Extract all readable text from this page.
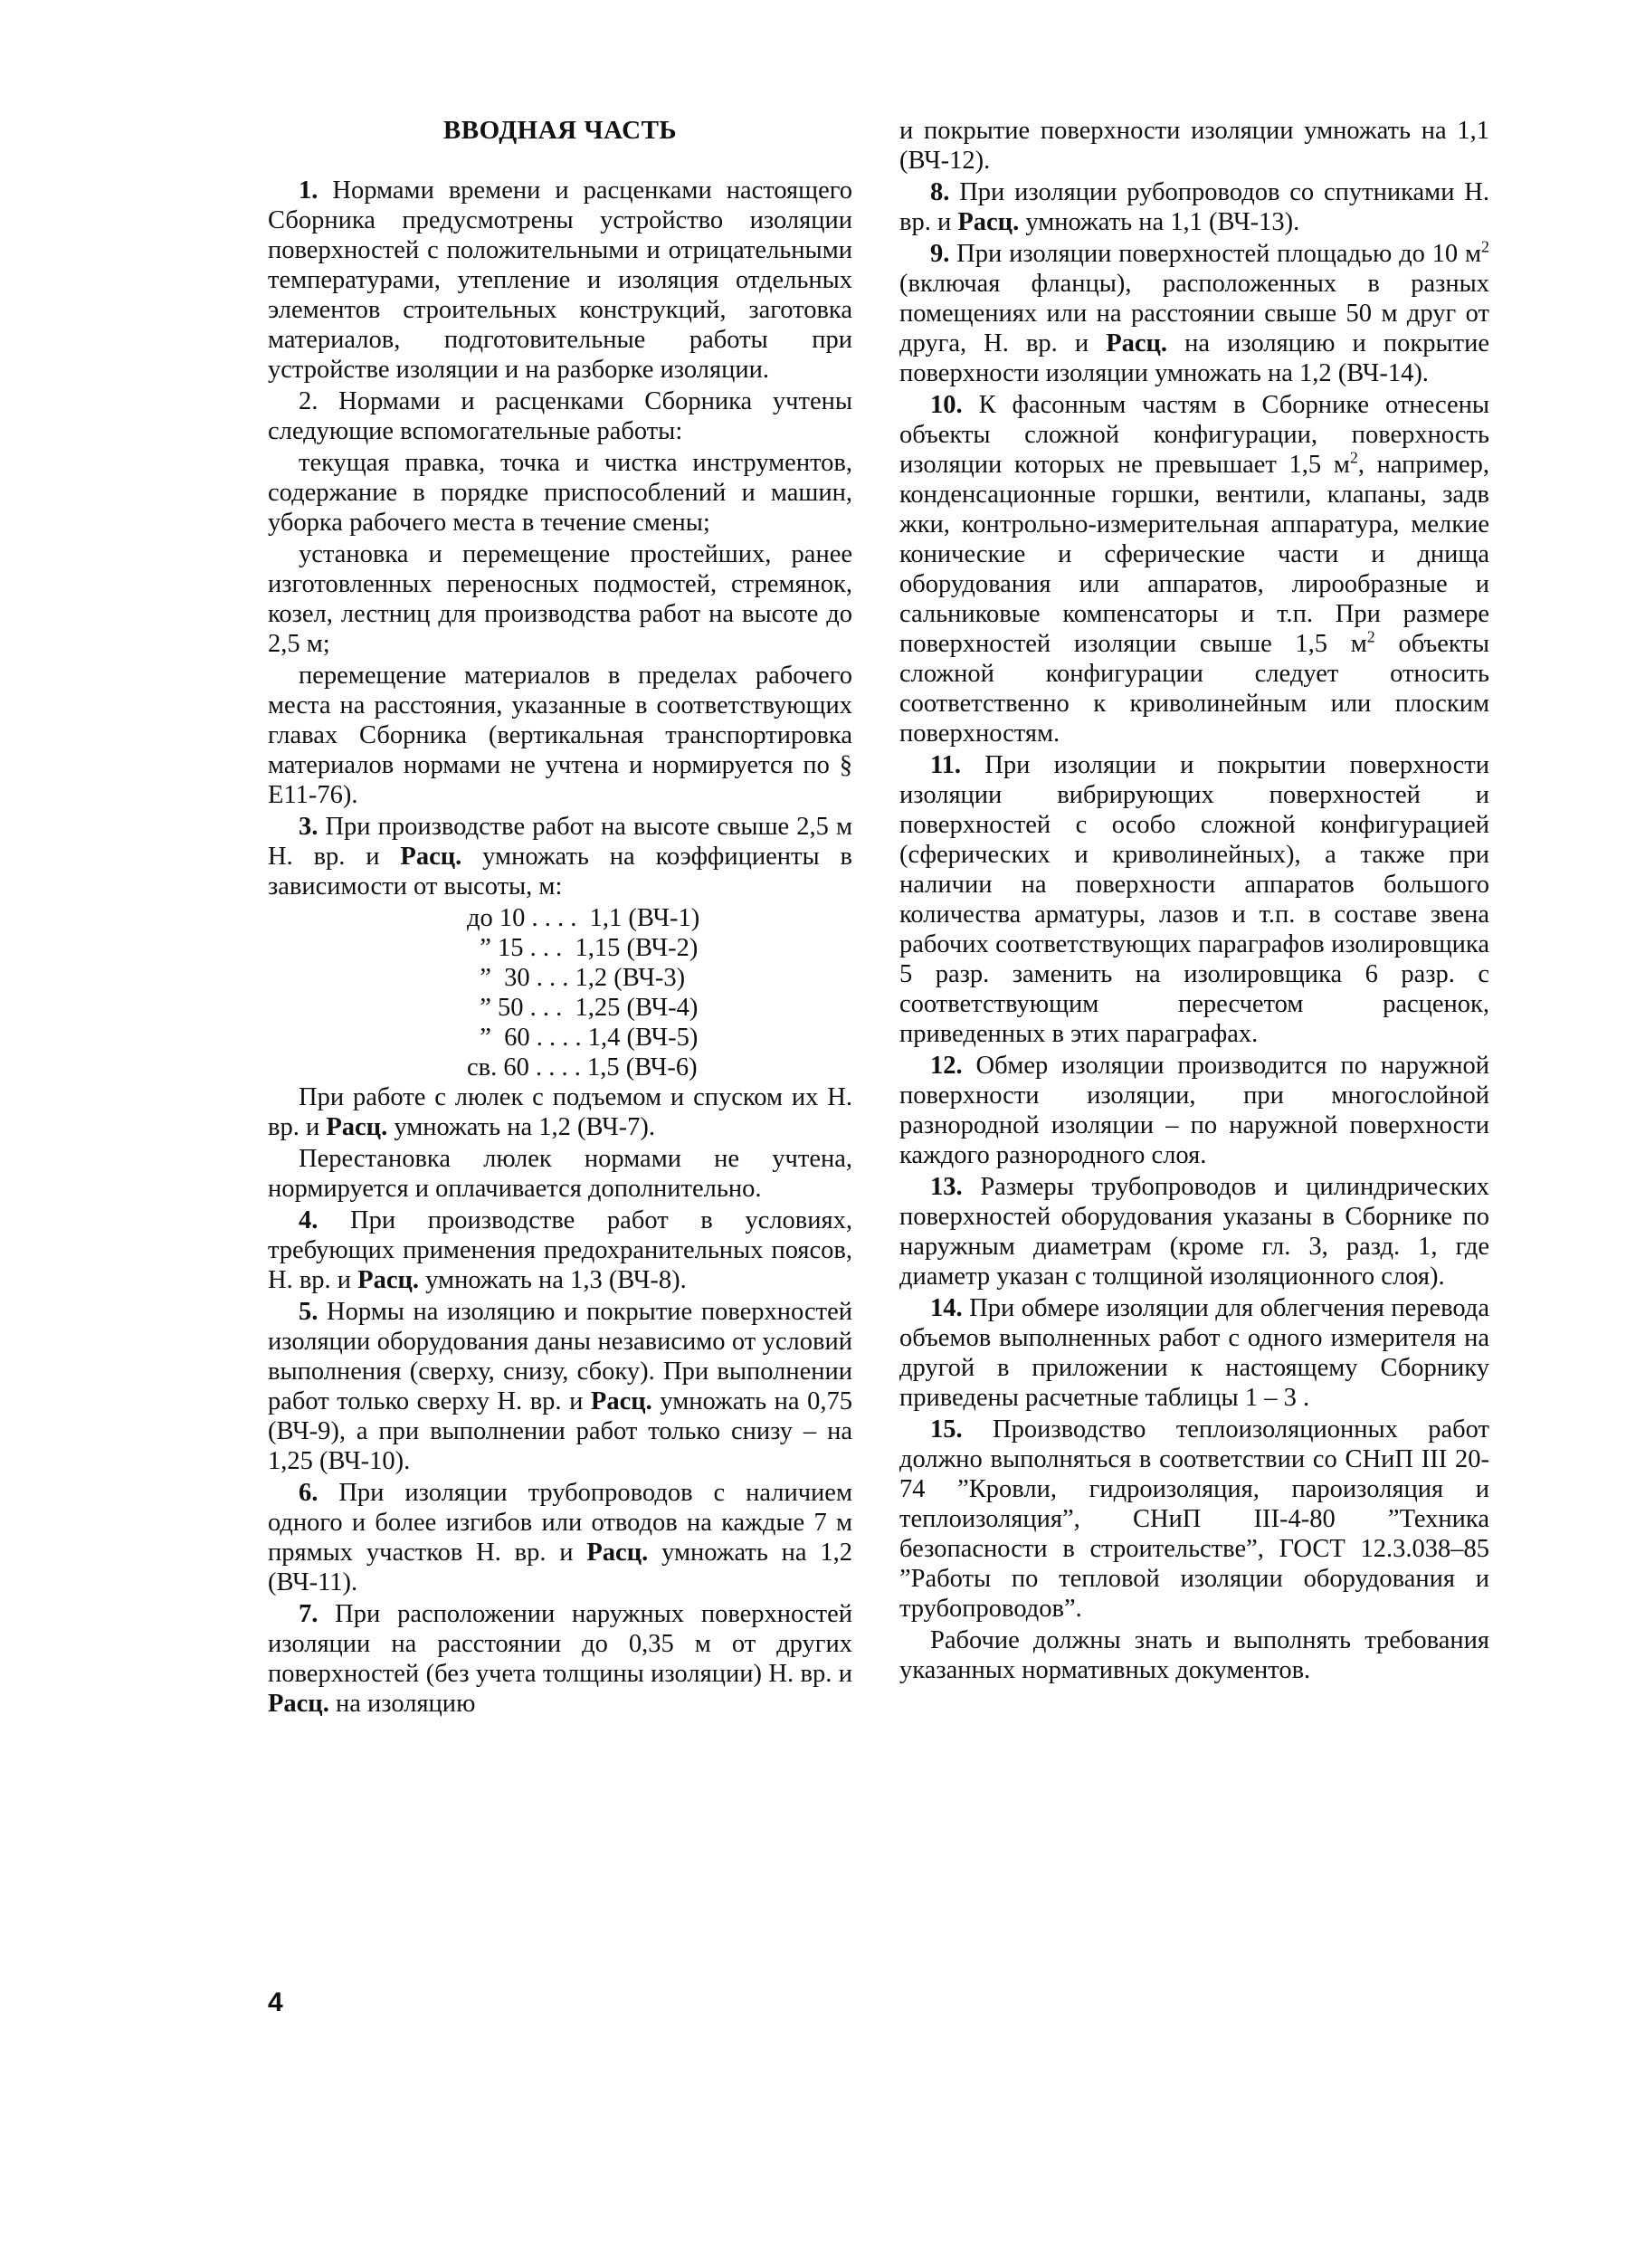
ВВОДНАЯ ЧАСТЬ

1. Нормами времени и расценками настоящего Сборника предусмотрены устройство изоляции поверхностей с положительными и отрицательными температурами, утепление и изоляция отдельных элементов строительных конструкций, заготовка материалов, подготовительные работы при устройстве изоляции и на разборке изоляции.

2. Нормами и расценками Сборника учтены следующие вспомогательные работы:

текущая правка, точка и чистка инструментов, содержание в порядке приспособлений и машин, уборка рабочего места в течение смены;

установка и перемещение простейших, ранее изготовленных переносных подмостей, стремянок, козел, лестниц для производства работ на высоте до 2,5 м;

перемещение материалов в пределах рабочего места на расстояния, указанные в соответствующих главах Сборника (вертикальная транспортировка материалов нормами не учтена и нормируется по § Е11-76).

3. При производстве работ на высоте свыше 2,5 м Н. вр. и Расц. умножать на коэффициенты в зависимости от высоты, м:

до 10 . . . .  1,1 (ВЧ-1)
” 15 . . .  1,15 (ВЧ-2)
”  30 . . . 1,2 (ВЧ-3)
” 50 . . .  1,25 (ВЧ-4)
”  60 . . . . 1,4 (ВЧ-5)
св. 60 . . . . 1,5 (ВЧ-6)

При работе с люлек с подъемом и спуском их Н. вр. и Расц. умножать на 1,2 (ВЧ-7).

Перестановка люлек нормами не учтена, нормируется и оплачивается дополнительно.

4. При производстве работ в условиях, требующих применения предохранительных поясов, Н. вр. и Расц. умножать на 1,3 (ВЧ-8).

5. Нормы на изоляцию и покрытие поверхностей изоляции оборудования даны независимо от условий выполнения (сверху, снизу, сбоку). При выполнении работ только сверху Н. вр. и Расц. умножать на 0,75 (ВЧ-9), а при выполнении работ только снизу – на 1,25 (ВЧ-10).

6. При изоляции трубопроводов с наличием одного и более изгибов или отводов на каждые 7 м прямых участков Н. вр. и Расц. умножать на 1,2 (ВЧ-11).

7. При расположении наружных поверхностей изоляции на расстоянии до 0,35 м от других поверхностей (без учета толщины изоляции) Н. вр. и Расц. на изоляцию

и покрытие поверхности изоляции умножать на 1,1 (ВЧ-12).

8. При изоляции рубопроводов со спутниками Н. вр. и Расц. умножать на 1,1 (ВЧ-13).

9. При изоляции поверхностей площадью до 10 $м^2$ (включая фланцы), расположенных в разных помещениях или на расстоянии свыше 50 м друг от друга, Н. вр. и Расц. на изоляцию и покрытие поверхности изоляции умножать на 1,2 (ВЧ-14).

10. К фасонным частям в Сборнике отнесены объекты сложной конфигурации, поверхность изоляции которых не превышает 1,5 $м^2$, например, конденсационные горшки, вентили, клапаны, задв жки, контрольно-измерительная аппаратура, мелкие конические и сферические части и днища оборудования или аппаратов, лирообразные и сальниковые компенсаторы и т.п. При размере поверхностей изоляции свыше 1,5 $м^2$ объекты сложной конфигурации следует относить соответственно к криволинейным или плоским поверхностям.

11. При изоляции и покрытии поверхности изоляции вибрирующих поверхностей и поверхностей с особо сложной конфигурацией (сферических и криволинейных), а также при наличии на поверхности аппаратов большого количества арматуры, лазов и т.п. в составе звена рабочих соответствующих параграфов изолировщика 5 разр. заменить на изолировщика 6 разр. с соответствующим пересчетом расценок, приведенных в этих параграфах.

12. Обмер изоляции производится по наружной поверхности изоляции, при многослойной разнородной изоляции – по наружной поверхности каждого разнородного слоя.

13. Размеры трубопроводов и цилиндрических поверхностей оборудования указаны в Сборнике по наружным диаметрам (кроме гл. 3, разд. 1, где диаметр указан с толщиной изоляционного слоя).

14. При обмере изоляции для облегчения перевода объемов выполненных работ с одного измерителя на другой в приложении к настоящему Сборнику приведены расчетные таблицы 1 – 3 .

15. Производство теплоизоляционных работ должно выполняться в соответствии со СНиП III 20-74 ”Кровли, гидроизоляция, пароизоляция и теплоизоляция”, СНиП III-4-80 ”Техника безопасности в строительстве”, ГОСТ 12.3.038–85 ”Работы по тепловой изоляции оборудования и трубопроводов”.

Рабочие должны знать и выполнять требования указанных нормативных документов.

4
